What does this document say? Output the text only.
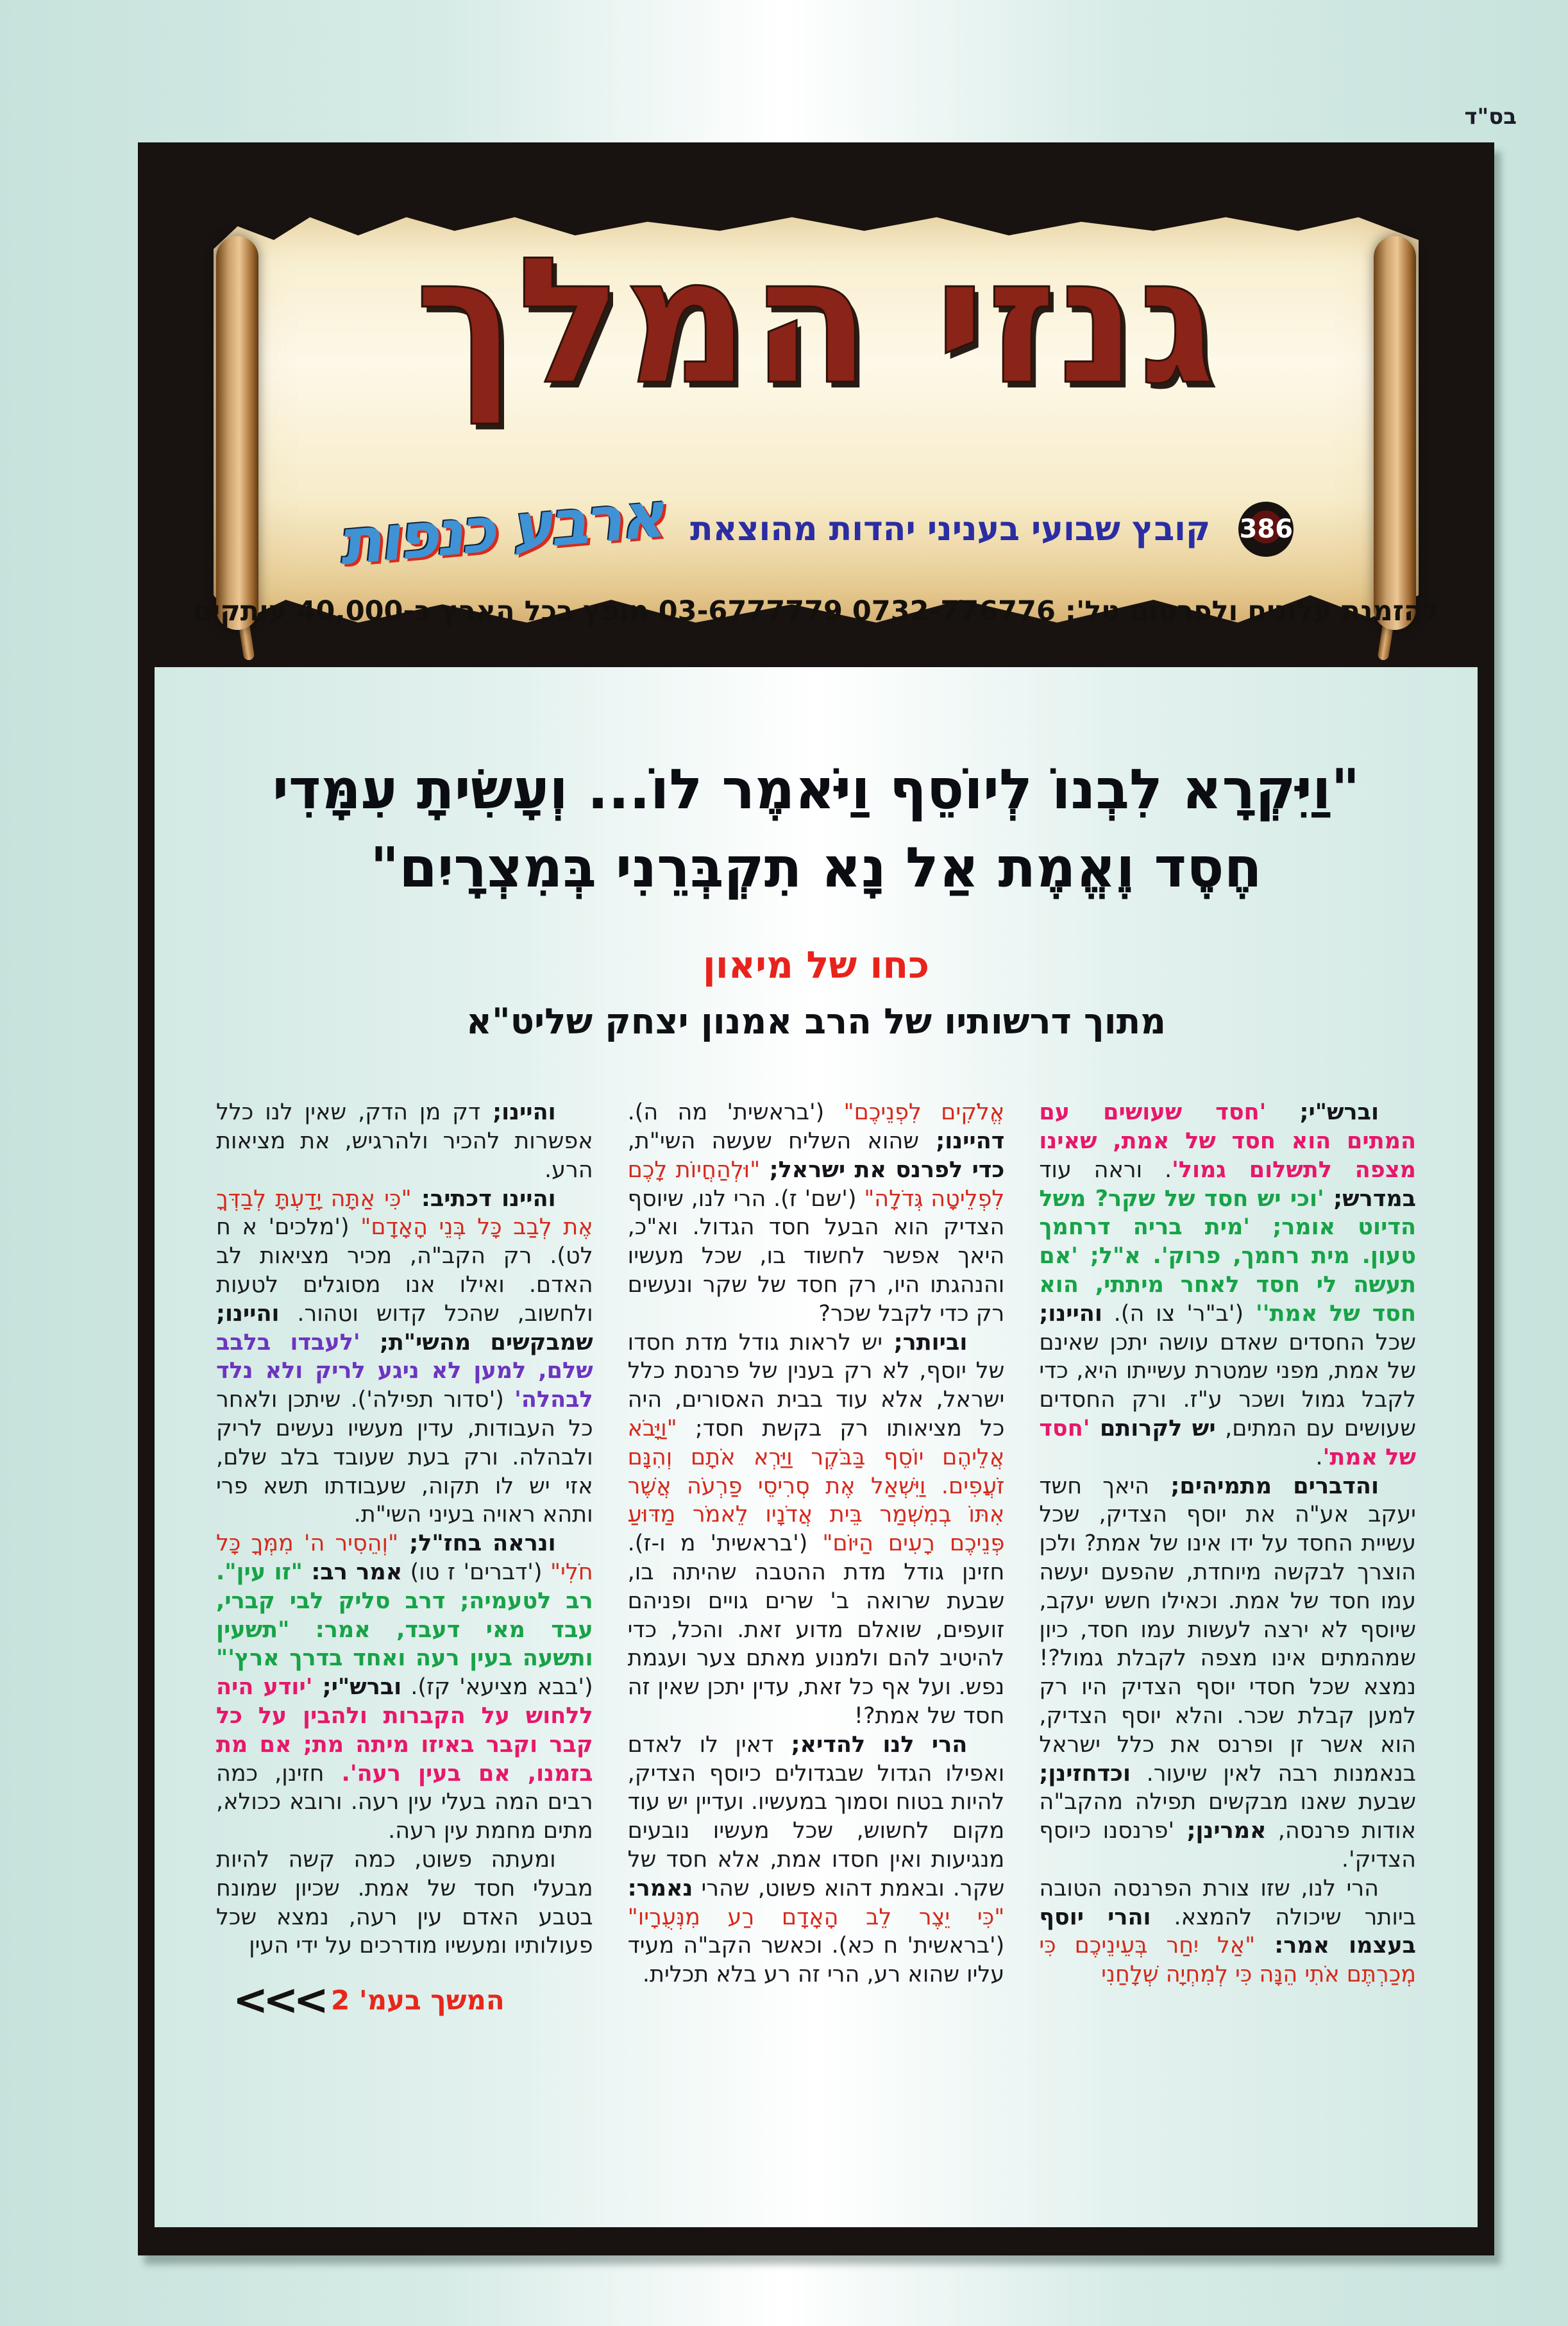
בס"ד
גנזי המלך
386
קובץ שבועי בעניני יהדות מהוצאת
ארבע כנפות
להזמנת עלונים ולפרסום טל': 0732-776776 03-6777779 מופץ בכל הארץ ב-40,000 עותקים
"וַיִּקְרָא לִבְנוֹ לְיוֹסֵף וַיֹּאמֶר לוֹ... וְעָשִׂיתָ עִמָּדִי
חֶסֶד וֶאֱמֶת אַל נָא תִקְבְּרֵנִי בְּמִצְרָיִם"
כחו של מיאון
מתוך דרשותיו של הרב אמנון יצחק שליט"א

וברש"י; 'חסד שעושים עם המתים הוא חסד של אמת, שאינו מצפה לתשלום גמול'. וראה עוד במדרש; 'וכי יש חסד של שקר? משל הדיוט אומר; 'מית בריה דרחמך טעון. מית רחמך, פרוק'. א"ל; 'אם תעשה לי חסד לאחר מיתתי, הוא חסד של אמת'' ('ב"ר' צו ה). והיינו; שכל החסדים שאדם עושה יתכן שאינם של אמת, מפני שמטרת עשייתו היא, כדי לקבל גמול ושכר ע"ז. ורק החסדים שעושים עם המתים, יש לקרותם 'חסד של אמת'.

והדברים מתמיהים; היאך חשד יעקב אע"ה את יוסף הצדיק, שכל עשיית החסד על ידו אינו של אמת? ולכן הוצרך לבקשה מיוחדת, שהפעם יעשה עמו חסד של אמת. וכאילו חשש יעקב, שיוסף לא ירצה לעשות עמו חסד, כיון שמהמתים אינו מצפה לקבלת גמול?! נמצא שכל חסדי יוסף הצדיק היו רק למען קבלת שכר. והלא יוסף הצדיק, הוא אשר זן ופרנס את כלל ישראל בנאמנות רבה לאין שיעור. וכדחזינן; שבעת שאנו מבקשים תפילה מהקב"ה אודות פרנסה, אמרינן; 'פרנסנו כיוסף הצדיק'.

הרי לנו, שזו צורת הפרנסה הטובה ביותר שיכולה להמצא. והרי יוסף בעצמו אמר: "אַל יִחַר בְּעֵינֵיכֶם כִּי מְכַרְתֶּם אֹתִי הֵנָּה כִּי לְמִחְיָה שְׁלָחַנִי

אֱלֹקִים לִפְנֵיכֶם" ('בראשית' מה ה). דהיינו; שהוא השליח שעשה השי"ת, כדי לפרנס את ישראל; "וּלְהַחֲיוֹת לָכֶם לִפְלֵיטָה גְּדֹלָה" ('שם' ז). הרי לנו, שיוסף הצדיק הוא הבעל חסד הגדול. וא"כ, היאך אפשר לחשוד בו, שכל מעשיו והנהגתו היו, רק חסד של שקר ונעשים רק כדי לקבל שכר?

וביותר; יש לראות גודל מדת חסדו של יוסף, לא רק בענין של פרנסת כלל ישראל, אלא עוד בבית האסורים, היה כל מציאותו רק בקשת חסד; "וַיָּבֹא אֲלֵיהֶם יוֹסֵף בַּבֹּקֶר וַיַּרְא אֹתָם וְהִנָּם זֹעֲפִים. וַיִּשְׁאַל אֶת סְרִיסֵי פַרְעֹה אֲשֶׁר אִתּוֹ בְמִשְׁמַר בֵּית אֲדֹנָיו לֵאמֹר מַדּוּעַ פְּנֵיכֶם רָעִים הַיּוֹם" ('בראשית' מ ו-ז). חזינן גודל מדת ההטבה שהיתה בו, שבעת שרואה ב' שרים גויים ופניהם זועפים, שואלם מדוע זאת. והכל, כדי להיטיב להם ולמנוע מאתם צער ועגמת נפש. ועל אף כל זאת, עדין יתכן שאין זה חסד של אמת?!

הרי לנו להדיא; דאין לו לאדם ואפילו הגדול שבגדולים כיוסף הצדיק, להיות בטוח וסמוך במעשיו. ועדיין יש עוד מקום לחשוש, שכל מעשיו נובעים מנגיעות ואין חסדו אמת, אלא חסד של שקר. ובאמת דהוא פשוט, שהרי נאמר: "כִּי יֵצֶר לֵב הָאָדָם רַע מִנְּעֻרָיו" ('בראשית' ח כא). וכאשר הקב"ה מעיד עליו שהוא רע, הרי זה רע בלא תכלית.

והיינו; דק מן הדק, שאין לנו כלל אפשרות להכיר ולהרגיש, את מציאות הרע.

והיינו דכתיב: "כִּי אַתָּה יָדַעְתָּ לְבַדְּךָ אֶת לְבַב כָּל בְּנֵי הָאָדָם" ('מלכים' א ח לט). רק הקב"ה, מכיר מציאות לב האדם. ואילו אנו מסוגלים לטעות ולחשוב, שהכל קדוש וטהור. והיינו; שמבקשים מהשי"ת; 'לעבדו בלבב שלם, למען לא ניגע לריק ולא נלד לבהלה' ('סדור תפילה'). שיתכן ולאחר כל העבודות, עדין מעשיו נעשים לריק ולבהלה. ורק בעת שעובד בלב שלם, אזי יש לו תקוה, שעבודתו תשא פרי ותהא ראויה בעיני השי"ת.

ונראה בחז"ל; "וְהֵסִיר ה' מִמְּךָ כָּל חֹלִי" ('דברים' ז טו) אמר רב: "זו עין". רב לטעמיה; דרב סליק לבי קברי, עבד מאי דעבד, אמר: "תשעין ותשעה בעין רעה ואחד בדרך ארץ'" ('בבא מציעא' קז). וברש"י; 'יודע היה ללחוש על הקברות ולהבין על כל קבר וקבר באיזו מיתה מת; אם מת בזמנו, אם בעין רעה'. חזינן, כמה רבים המה בעלי עין רעה. ורובא ככולא, מתים מחמת עין רעה.

ומעתה פשוט, כמה קשה להיות מבעלי חסד של אמת. שכיון שמונח בטבע האדם עין רעה, נמצא שכל פעולותיו ומעשיו מודרכים על ידי העין

המשך בעמ' 2 <<<
